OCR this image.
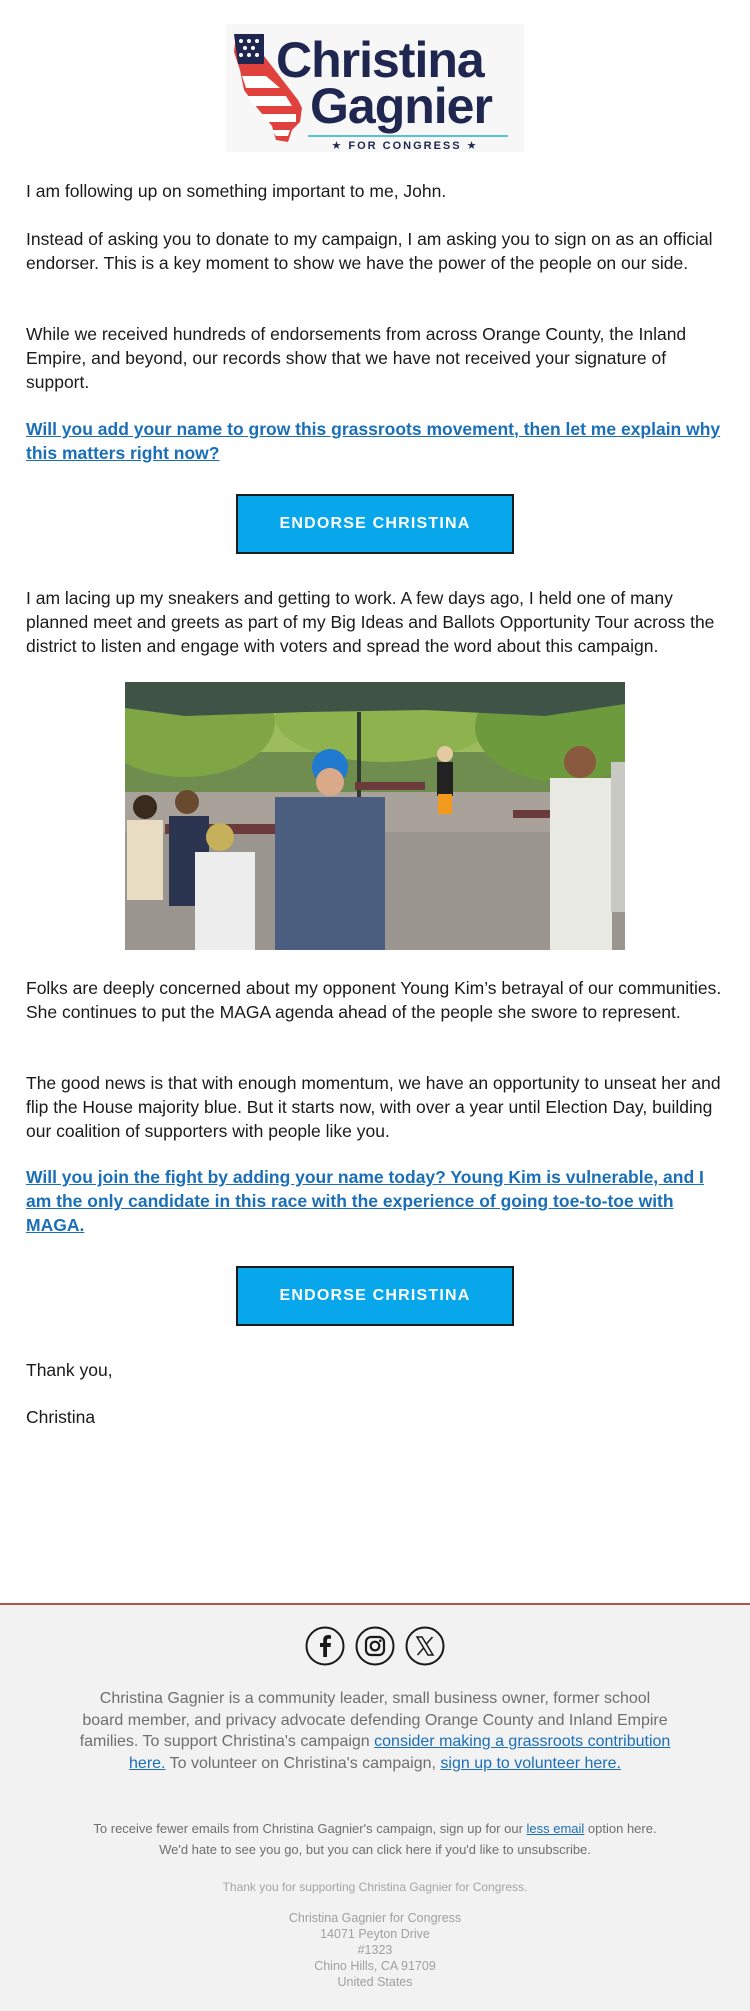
Christina
Gagnier
★ FOR CONGRESS ★

I am following up on something important to me, John.

Instead of asking you to donate to my campaign, I am asking you to sign on as an official endorser. This is a key moment to show we have the power of the people on our side.

While we received hundreds of endorsements from across Orange County, the Inland Empire, and beyond, our records show that we have not received your signature of support.

Will you add your name to grow this grassroots movement, then let me explain why this matters right now?

ENDORSE CHRISTINA

I am lacing up my sneakers and getting to work. A few days ago, I held one of many planned meet and greets as part of my Big Ideas and Ballots Opportunity Tour across the district to listen and engage with voters and spread the word about this campaign.

Folks are deeply concerned about my opponent Young Kim’s betrayal of our communities. She continues to put the MAGA agenda ahead of the people she swore to represent.

The good news is that with enough momentum, we have an opportunity to unseat her and flip the House majority blue. But it starts now, with over a year until Election Day, building our coalition of supporters with people like you.

Will you join the fight by adding your name today? Young Kim is vulnerable, and I am the only candidate in this race with the experience of going toe-to-toe with MAGA.

ENDORSE CHRISTINA

Thank you,

Christina

Christina Gagnier is a community leader, small business owner, former school board member, and privacy advocate defending Orange County and Inland Empire families. To support Christina's campaign consider making a grassroots contribution here. To volunteer on Christina's campaign, sign up to volunteer here.

To receive fewer emails from Christina Gagnier's campaign, sign up for our less email option here. We'd hate to see you go, but you can click here if you'd like to unsubscribe.

Thank you for supporting Christina Gagnier for Congress.

Christina Gagnier for Congress
14071 Peyton Drive
#1323
Chino Hills, CA 91709
United States
